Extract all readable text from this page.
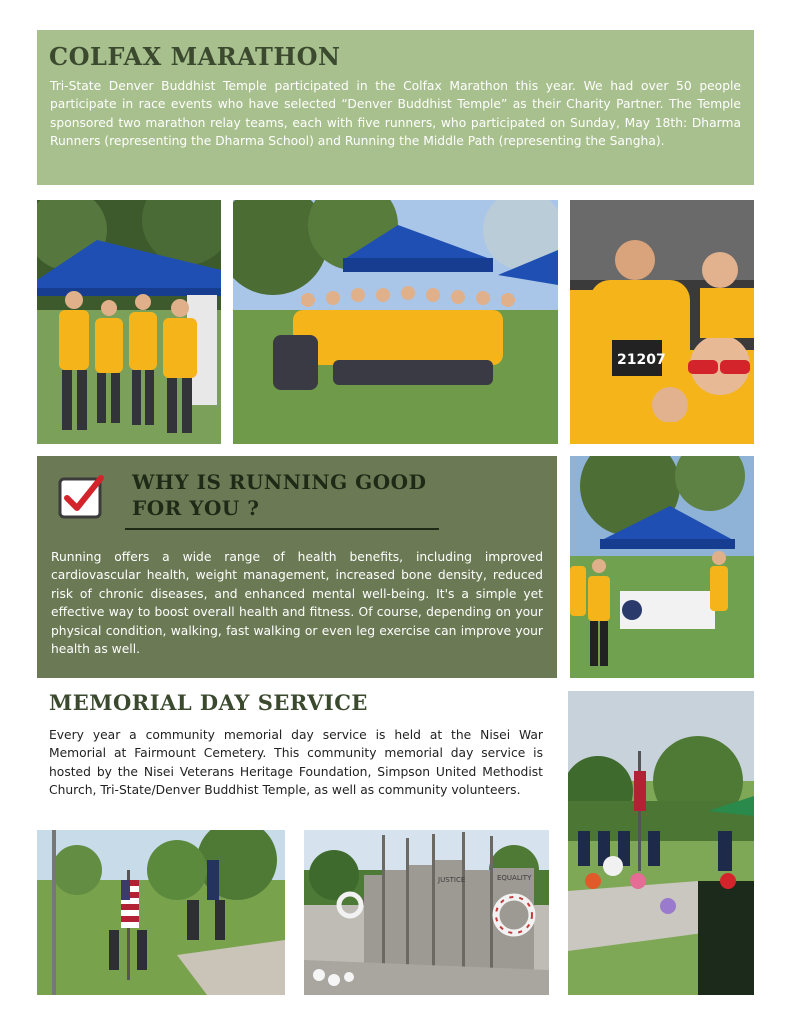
COLFAX MARATHON
Tri-State Denver Buddhist Temple participated in the Colfax Marathon this year. We had over 50 people participate in race events who have selected “Denver Buddhist Temple” as their Charity Partner. The Temple sponsored two marathon relay teams, each with five runners, who participated on Sunday, May 18th: Dharma Runners (representing the Dharma School) and Running the Middle Path (representing the Sangha).
21207
WHY IS RUNNING GOOD
FOR YOU ?
Running offers a wide range of health benefits, including improved cardiovascular health, weight management, increased bone density, reduced risk of chronic diseases, and enhanced mental well-being. It's a simple yet effective way to boost overall health and fitness. Of course, depending on your physical condition, walking, fast walking or even leg exercise can improve your health as well.
MEMORIAL DAY SERVICE
Every year a community memorial day service is held at the Nisei War Memorial at Fairmount Cemetery. This community memorial day service is hosted by the Nisei Veterans Heritage Foundation, Simpson United Methodist Church, Tri-State/Denver Buddhist Temple, as well as community volunteers.
JUSTICE	EQUALITY
